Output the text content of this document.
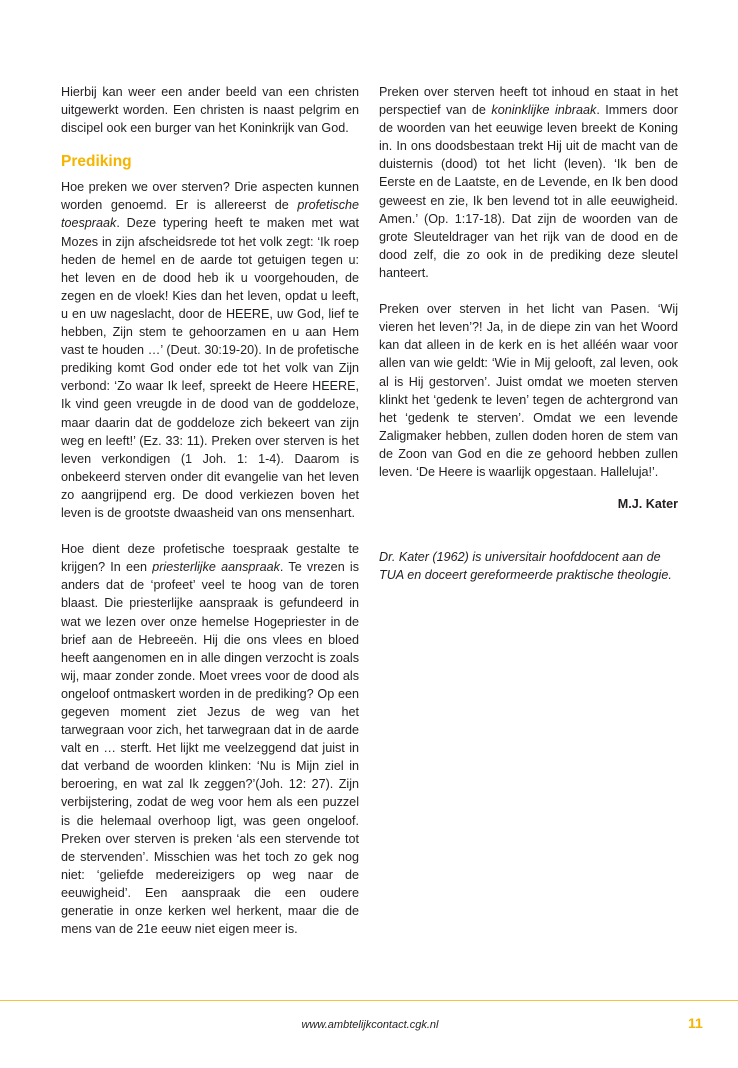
Hierbij kan weer een ander beeld van een christen uitgewerkt worden. Een christen is naast pelgrim en discipel ook een burger van het Koninkrijk van God.

Prediking

Hoe preken we over sterven? Drie aspecten kunnen worden genoemd. Er is allereerst de profetische toespraak. Deze typering heeft te maken met wat Mozes in zijn afscheidsrede tot het volk zegt: ‘Ik roep heden de hemel en de aarde tot getuigen tegen u: het leven en de dood heb ik u voorgehouden, de zegen en de vloek! Kies dan het leven, opdat u leeft, u en uw nageslacht, door de HEERE, uw God, lief te hebben, Zijn stem te gehoorzamen en u aan Hem vast te houden …’ (Deut. 30:19-20). In de profetische prediking komt God onder ede tot het volk van Zijn verbond: ‘Zo waar Ik leef, spreekt de Heere HEERE, Ik vind geen vreugde in de dood van de goddeloze, maar daarin dat de goddeloze zich bekeert van zijn weg en leeft!’ (Ez. 33: 11). Preken over sterven is het leven verkondigen (1 Joh. 1: 1-4). Daarom is onbekeerd sterven onder dit evangelie van het leven zo aangrijpend erg. De dood verkiezen boven het leven is de grootste dwaasheid van ons mensenhart.

Hoe dient deze profetische toespraak gestalte te krijgen? In een priesterlijke aanspraak. Te vrezen is anders dat de ‘profeet’ veel te hoog van de toren blaast. Die priesterlijke aanspraak is gefundeerd in wat we lezen over onze hemelse Hogepriester in de brief aan de Hebreeën. Hij die ons vlees en bloed heeft aangenomen en in alle dingen verzocht is zoals wij, maar zonder zonde. Moet vrees voor de dood als ongeloof ontmaskert worden in de prediking? Op een gegeven moment ziet Jezus de weg van het tarwegraan voor zich, het tarwegraan dat in de aarde valt en … sterft. Het lijkt me veelzeggend dat juist in dat verband de woorden klinken: ‘Nu is Mijn ziel in beroering, en wat zal Ik zeggen?’(Joh. 12: 27). Zijn verbijstering, zodat de weg voor hem als een puzzel is die helemaal overhoop ligt, was geen ongeloof. Preken over sterven is preken ‘als een stervende tot de stervenden’. Misschien was het toch zo gek nog niet: ‘geliefde medereizigers op weg naar de eeuwigheid’. Een aanspraak die een oudere generatie in onze kerken wel herkent, maar die de mens van de 21e eeuw niet eigen meer is.

Preken over sterven heeft tot inhoud en staat in het perspectief van de koninklijke inbraak. Immers door de woorden van het eeuwige leven breekt de Koning in. In ons doodsbestaan trekt Hij uit de macht van de duisternis (dood) tot het licht (leven). ‘Ik ben de Eerste en de Laatste, en de Levende, en Ik ben dood geweest en zie, Ik ben levend tot in alle eeuwigheid. Amen.’ (Op. 1:17-18). Dat zijn de woorden van de grote Sleuteldrager van het rijk van de dood en de dood zelf, die zo ook in de prediking deze sleutel hanteert.

Preken over sterven in het licht van Pasen. ‘Wij vieren het leven’?! Ja, in de diepe zin van het Woord kan dat alleen in de kerk en is het alléén waar voor allen van wie geldt: ‘Wie in Mij gelooft, zal leven, ook al is Hij gestorven’. Juist omdat we moeten sterven klinkt het ‘gedenk te leven’ tegen de achtergrond van het ‘gedenk te sterven’. Omdat we een levende Zaligmaker hebben, zullen doden horen de stem van de Zoon van God en die ze gehoord hebben zullen leven. ‘De Heere is waarlijk opgestaan. Halleluja!’.

M.J. Kater

Dr. Kater (1962) is universitair hoofddocent aan de TUA en doceert gereformeerde praktische theologie.

www.ambtelijkcontact.cgk.nl	11
